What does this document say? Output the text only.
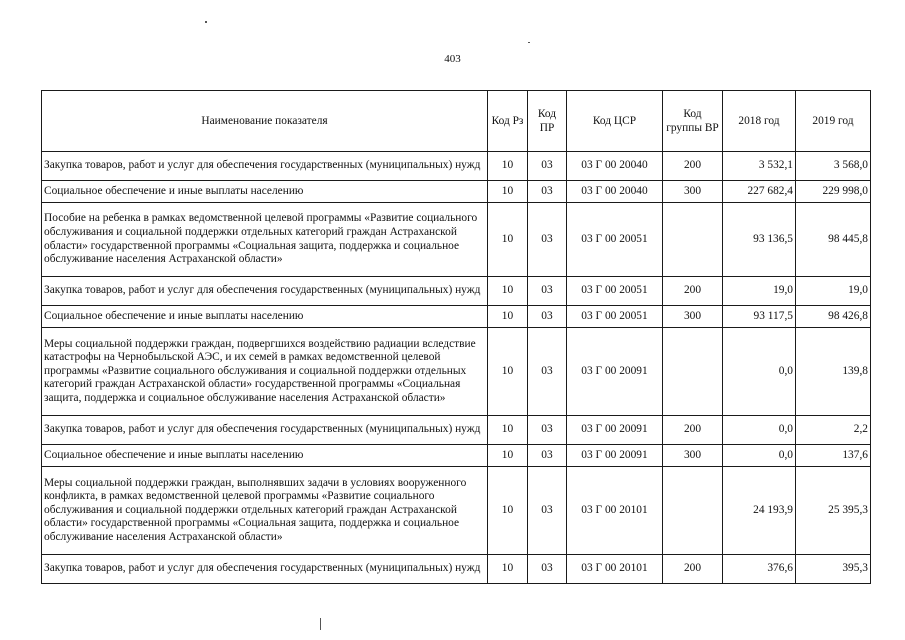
403
Наименование показателя	Код Рз	Код ПР	Код ЦСР	Код группы ВР	2018 год	2019 год
Закупка товаров, работ и услуг для обеспечения государственных (муниципальных) нужд	10	03	03 Г 00 20040	200	3 532,1	3 568,0
Социальное обеспечение и иные выплаты населению	10	03	03 Г 00 20040	300	227 682,4	229 998,0
Пособие на ребенка в рамках ведомственной целевой программы «Развитие социального обслуживания и социальной поддержки отдельных категорий граждан Астраханской области» государственной программы «Социальная защита, поддержка и социальное обслуживание населения Астраханской области»	10	03	03 Г 00 20051		93 136,5	98 445,8
Закупка товаров, работ и услуг для обеспечения государственных (муниципальных) нужд	10	03	03 Г 00 20051	200	19,0	19,0
Социальное обеспечение и иные выплаты населению	10	03	03 Г 00 20051	300	93 117,5	98 426,8
Меры социальной поддержки граждан, подвергшихся воздействию радиации вследствие катастрофы на Чернобыльской АЭС, и их семей в рамках ведомственной целевой программы «Развитие социального обслуживания и социальной поддержки отдельных категорий граждан Астраханской области» государственной программы «Социальная защита, поддержка и социальное обслуживание населения Астраханской области»	10	03	03 Г 00 20091		0,0	139,8
Закупка товаров, работ и услуг для обеспечения государственных (муниципальных) нужд	10	03	03 Г 00 20091	200	0,0	2,2
Социальное обеспечение и иные выплаты населению	10	03	03 Г 00 20091	300	0,0	137,6
Меры социальной поддержки граждан, выполнявших задачи в условиях вооруженного конфликта, в рамках ведомственной целевой программы «Развитие социального обслуживания и социальной поддержки отдельных категорий граждан Астраханской области» государственной программы «Социальная защита, поддержка и социальное обслуживание населения Астраханской области»	10	03	03 Г 00 20101		24 193,9	25 395,3
Закупка товаров, работ и услуг для обеспечения государственных (муниципальных) нужд	10	03	03 Г 00 20101	200	376,6	395,3
